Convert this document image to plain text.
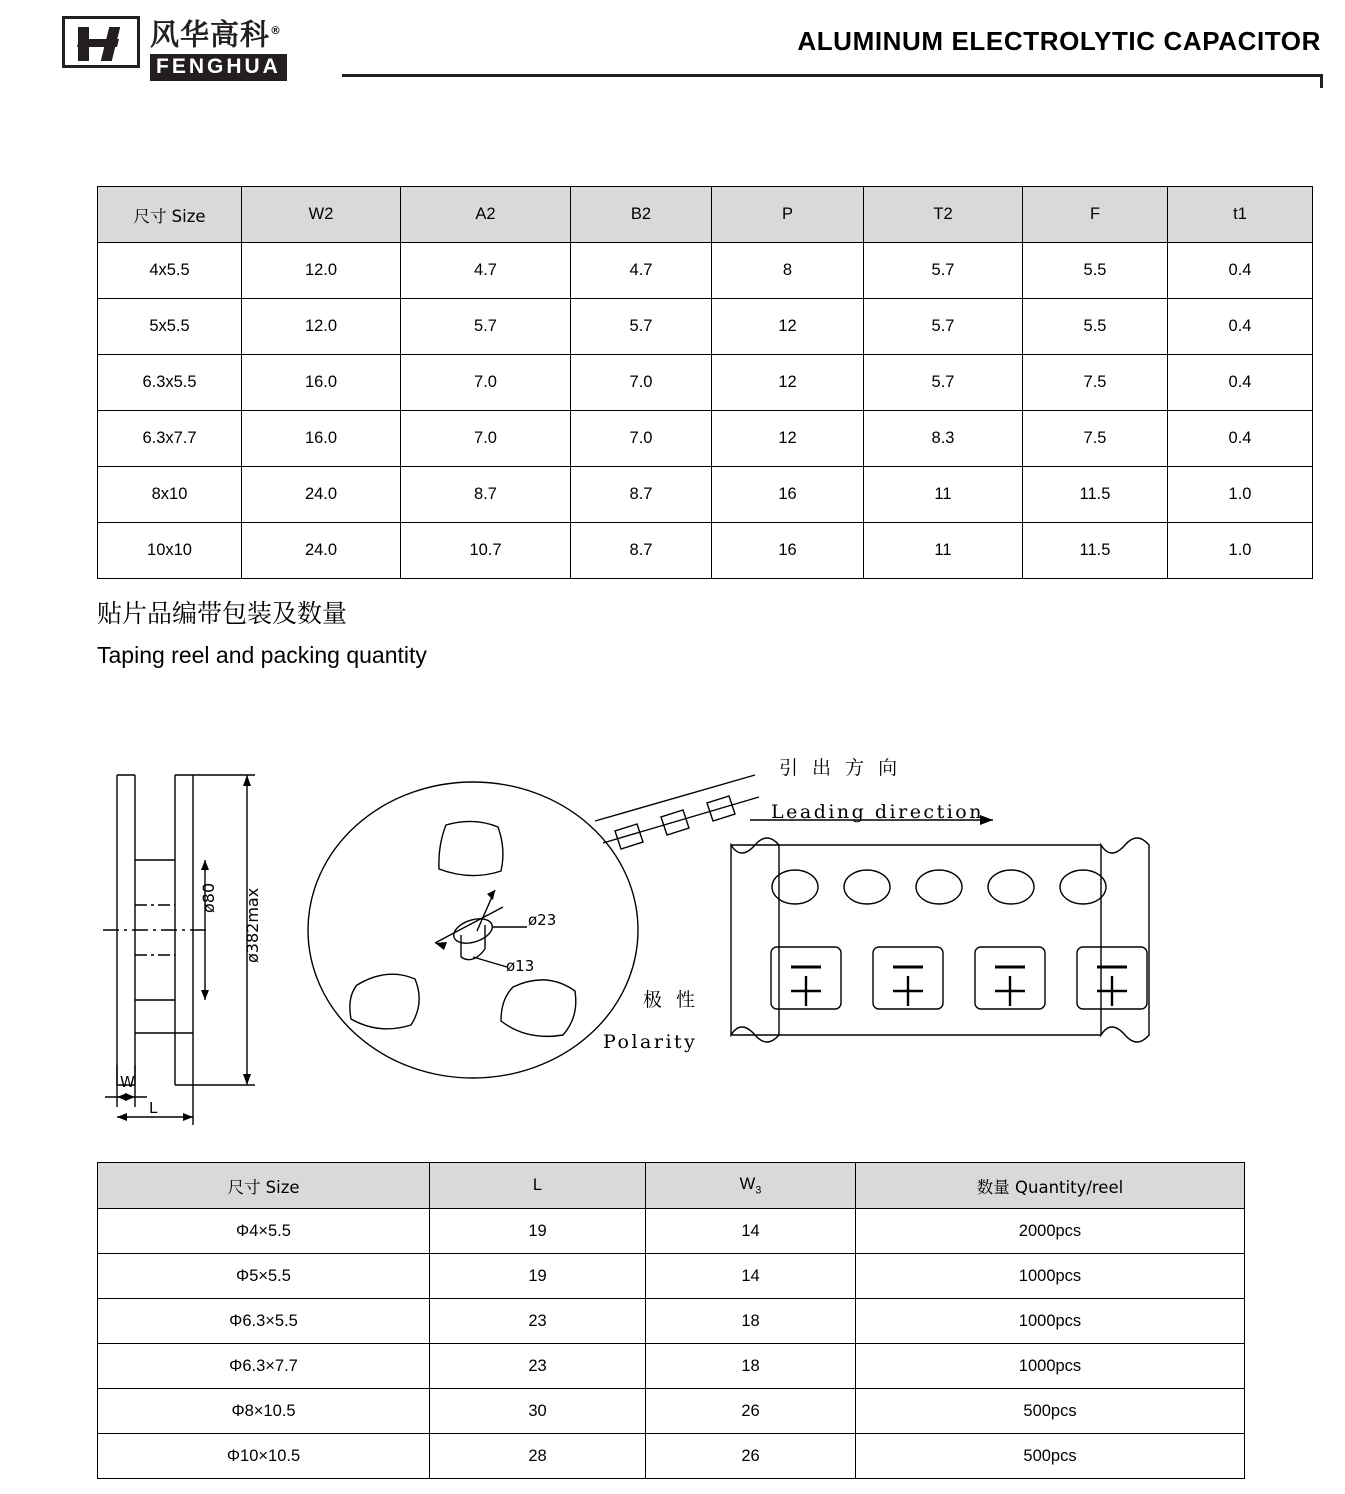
风华高科®
FENGHUA
ALUMINUM ELECTROLYTIC CAPACITOR
尺寸 Size	W2	A2	B2	P	T2	F	t1
4x5.5	12.0	4.7	4.7	8	5.7	5.5	0.4
5x5.5	12.0	5.7	5.7	12	5.7	5.5	0.4
6.3x5.5	16.0	7.0	7.0	12	5.7	7.5	0.4
6.3x7.7	16.0	7.0	7.0	12	8.3	7.5	0.4
8x10	24.0	8.7	8.7	16	11	11.5	1.0
10x10	24.0	10.7	8.7	16	11	11.5	1.0
贴片品编带包装及数量
Taping reel and packing quantity
ø80 ø382max
W
L
ø23
ø13
极 性
Polarity
引 出 方 向
Leading direction
尺寸 Size	L	$W_3$	数量 Quantity/reel
Φ4×5.5	19	14	2000pcs
Φ5×5.5	19	14	1000pcs
Φ6.3×5.5	23	18	1000pcs
Φ6.3×7.7	23	18	1000pcs
Φ8×10.5	30	26	500pcs
Φ10×10.5	28	26	500pcs
